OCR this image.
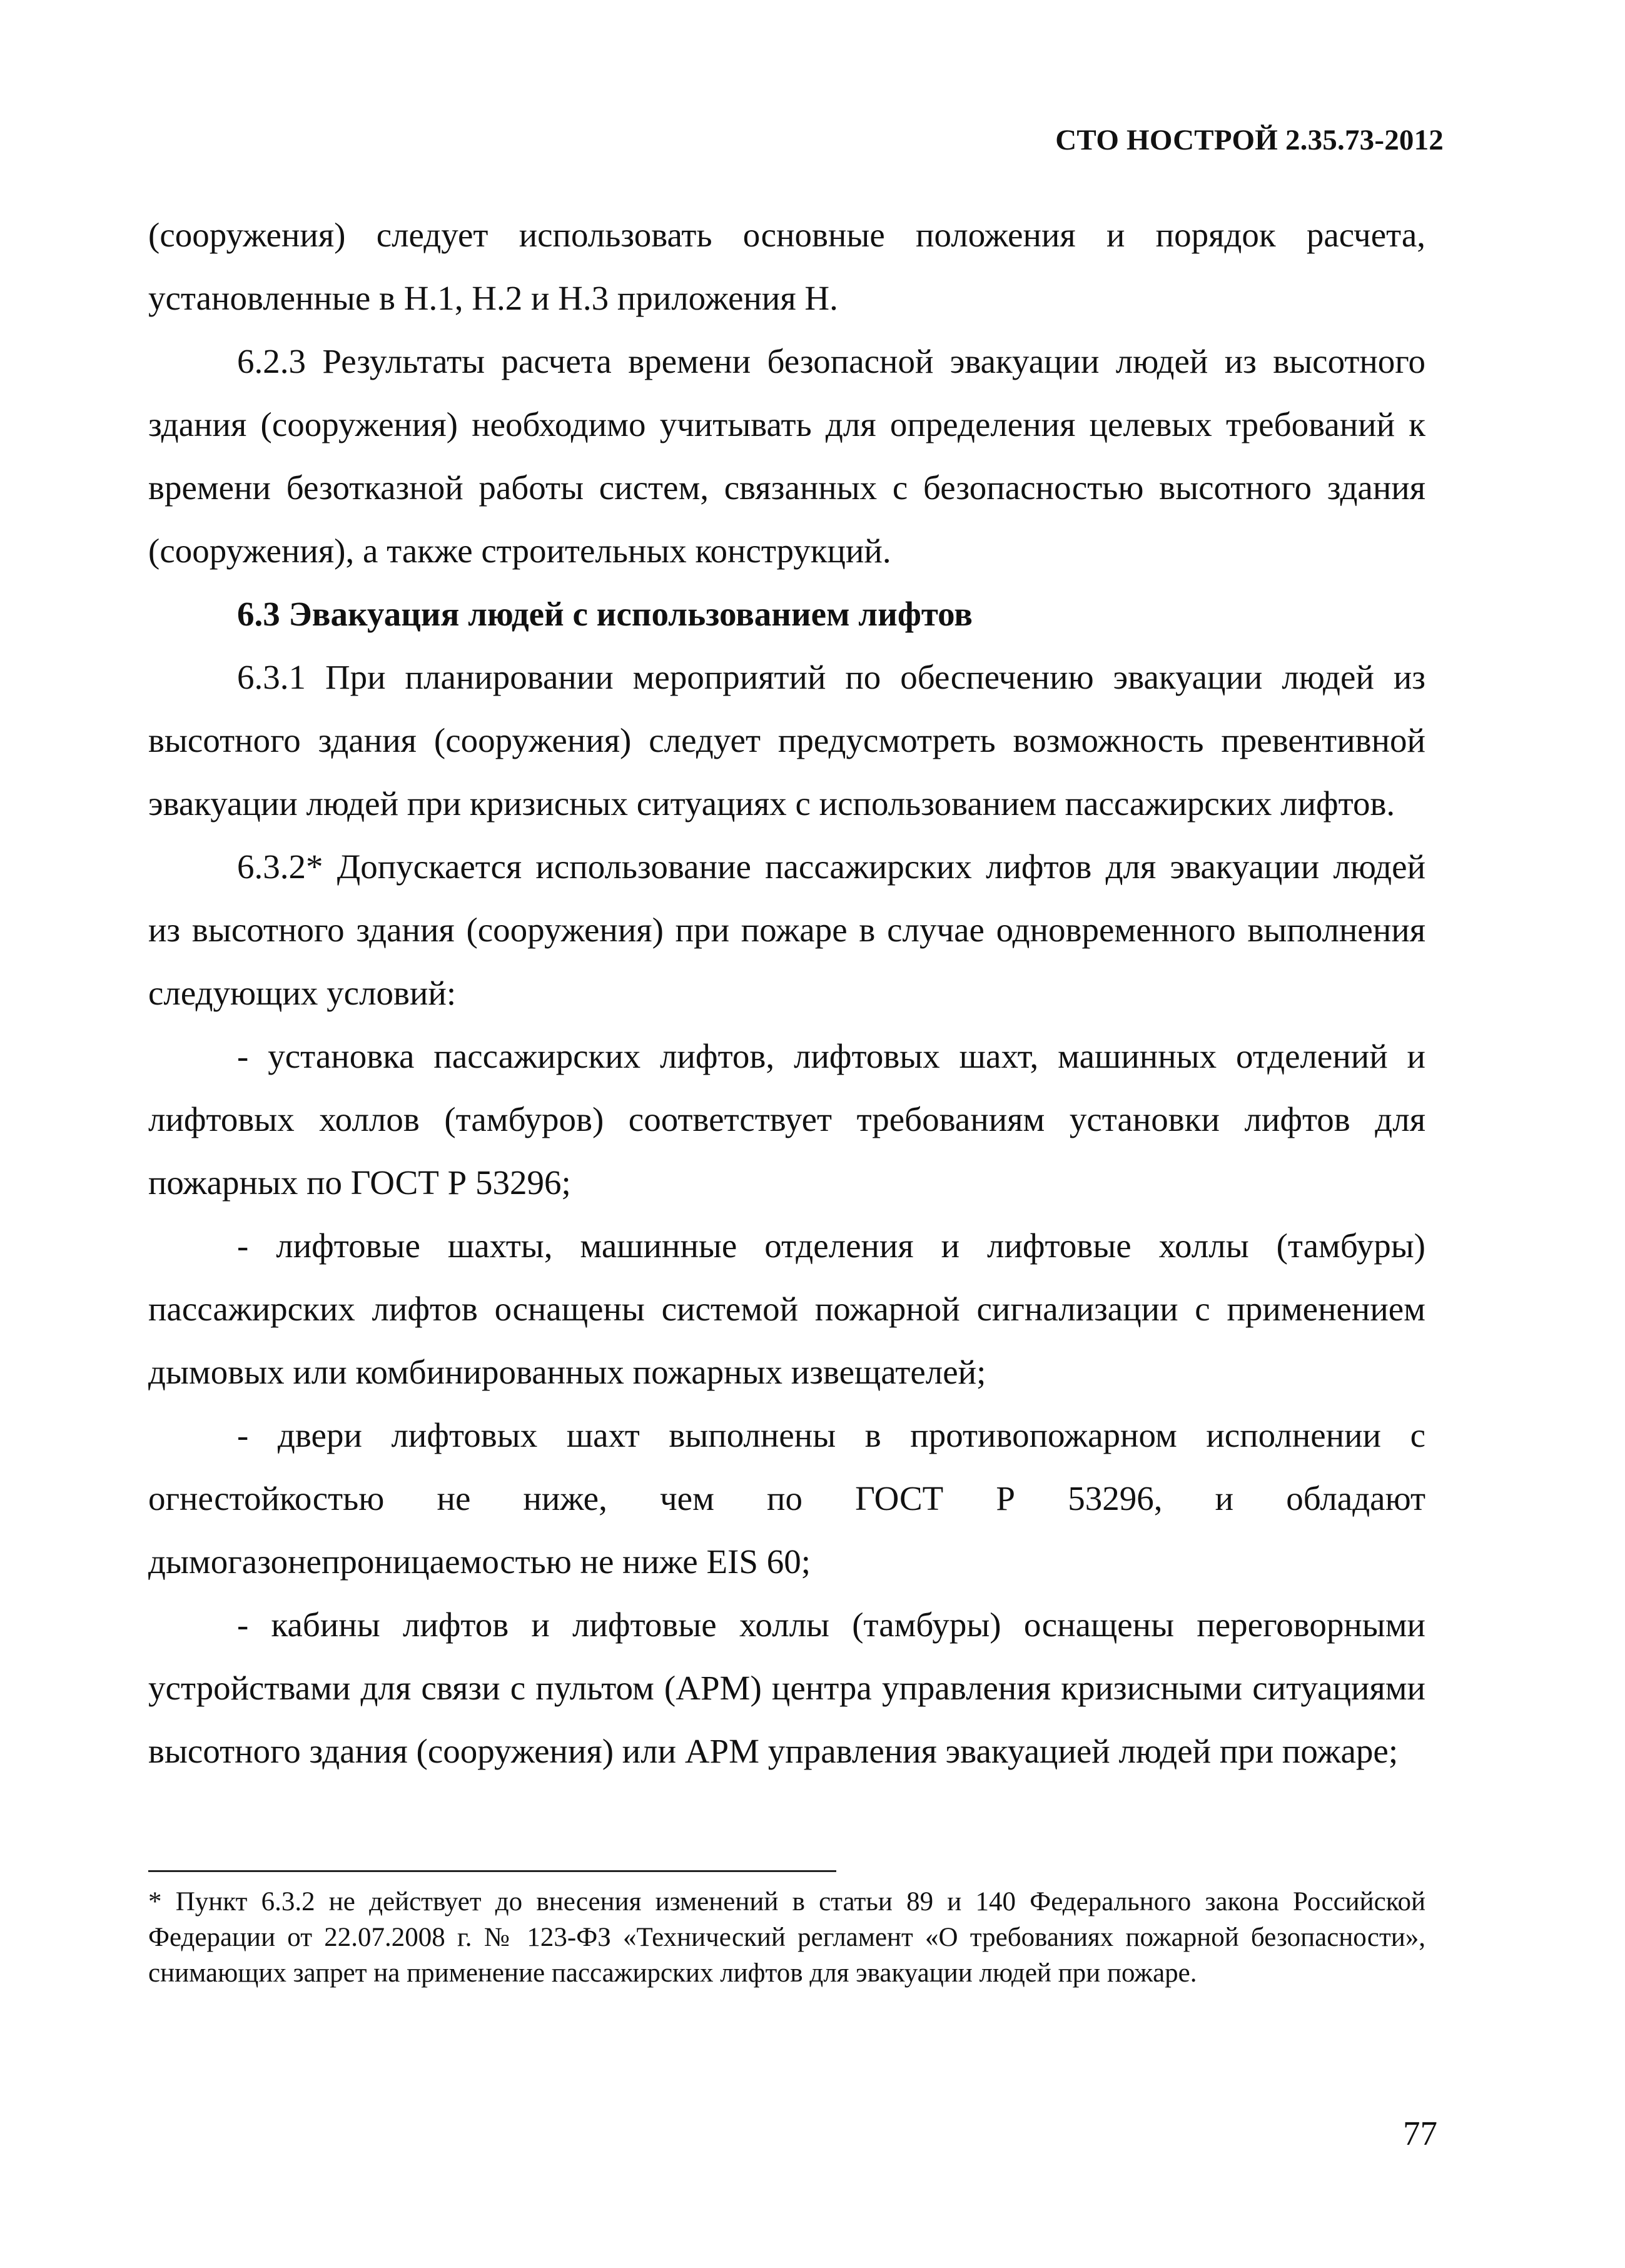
СТО НОСТРОЙ 2.35.73-2012

(сооружения) следует использовать основные положения и порядок расчета, установленные в Н.1, Н.2 и Н.3 приложения Н.

6.2.3 Результаты расчета времени безопасной эвакуации людей из высотного здания (сооружения) необходимо учитывать для определения целевых требований к времени безотказной работы систем, связанных с безопасностью высотного здания (сооружения), а также строительных конструкций.

6.3 Эвакуация людей с использованием лифтов

6.3.1 При планировании мероприятий по обеспечению эвакуации людей из высотного здания (сооружения) следует предусмотреть возможность превентивной эвакуации людей при кризисных ситуациях с использованием пассажирских лифтов.

6.3.2* Допускается использование пассажирских лифтов для эвакуации людей из высотного здания (сооружения) при пожаре в случае одновременного выполнения следующих условий:

- установка пассажирских лифтов, лифтовых шахт, машинных отделений и лифтовых холлов (тамбуров) соответствует требованиям установки лифтов для пожарных по ГОСТ Р 53296;

- лифтовые шахты, машинные отделения и лифтовые холлы (тамбуры) пассажирских лифтов оснащены системой пожарной сигнализации с применением дымовых или комбинированных пожарных извещателей;

- двери лифтовых шахт выполнены в противопожарном исполнении с огнестойкостью не ниже, чем по ГОСТ Р 53296, и обладают дымогазонепроницаемостью не ниже EIS 60;

- кабины лифтов и лифтовые холлы (тамбуры) оснащены переговорными устройствами для связи с пультом (АРМ) центра управления кризисными ситуациями высотного здания (сооружения) или АРМ управления эвакуацией людей при пожаре;

* Пункт 6.3.2 не действует до внесения изменений в статьи 89 и 140 Федерального закона Российской Федерации от 22.07.2008 г. № 123-ФЗ «Технический регламент «О требованиях пожарной безопасности», снимающих запрет на применение пассажирских лифтов для эвакуации людей при пожаре.

77
